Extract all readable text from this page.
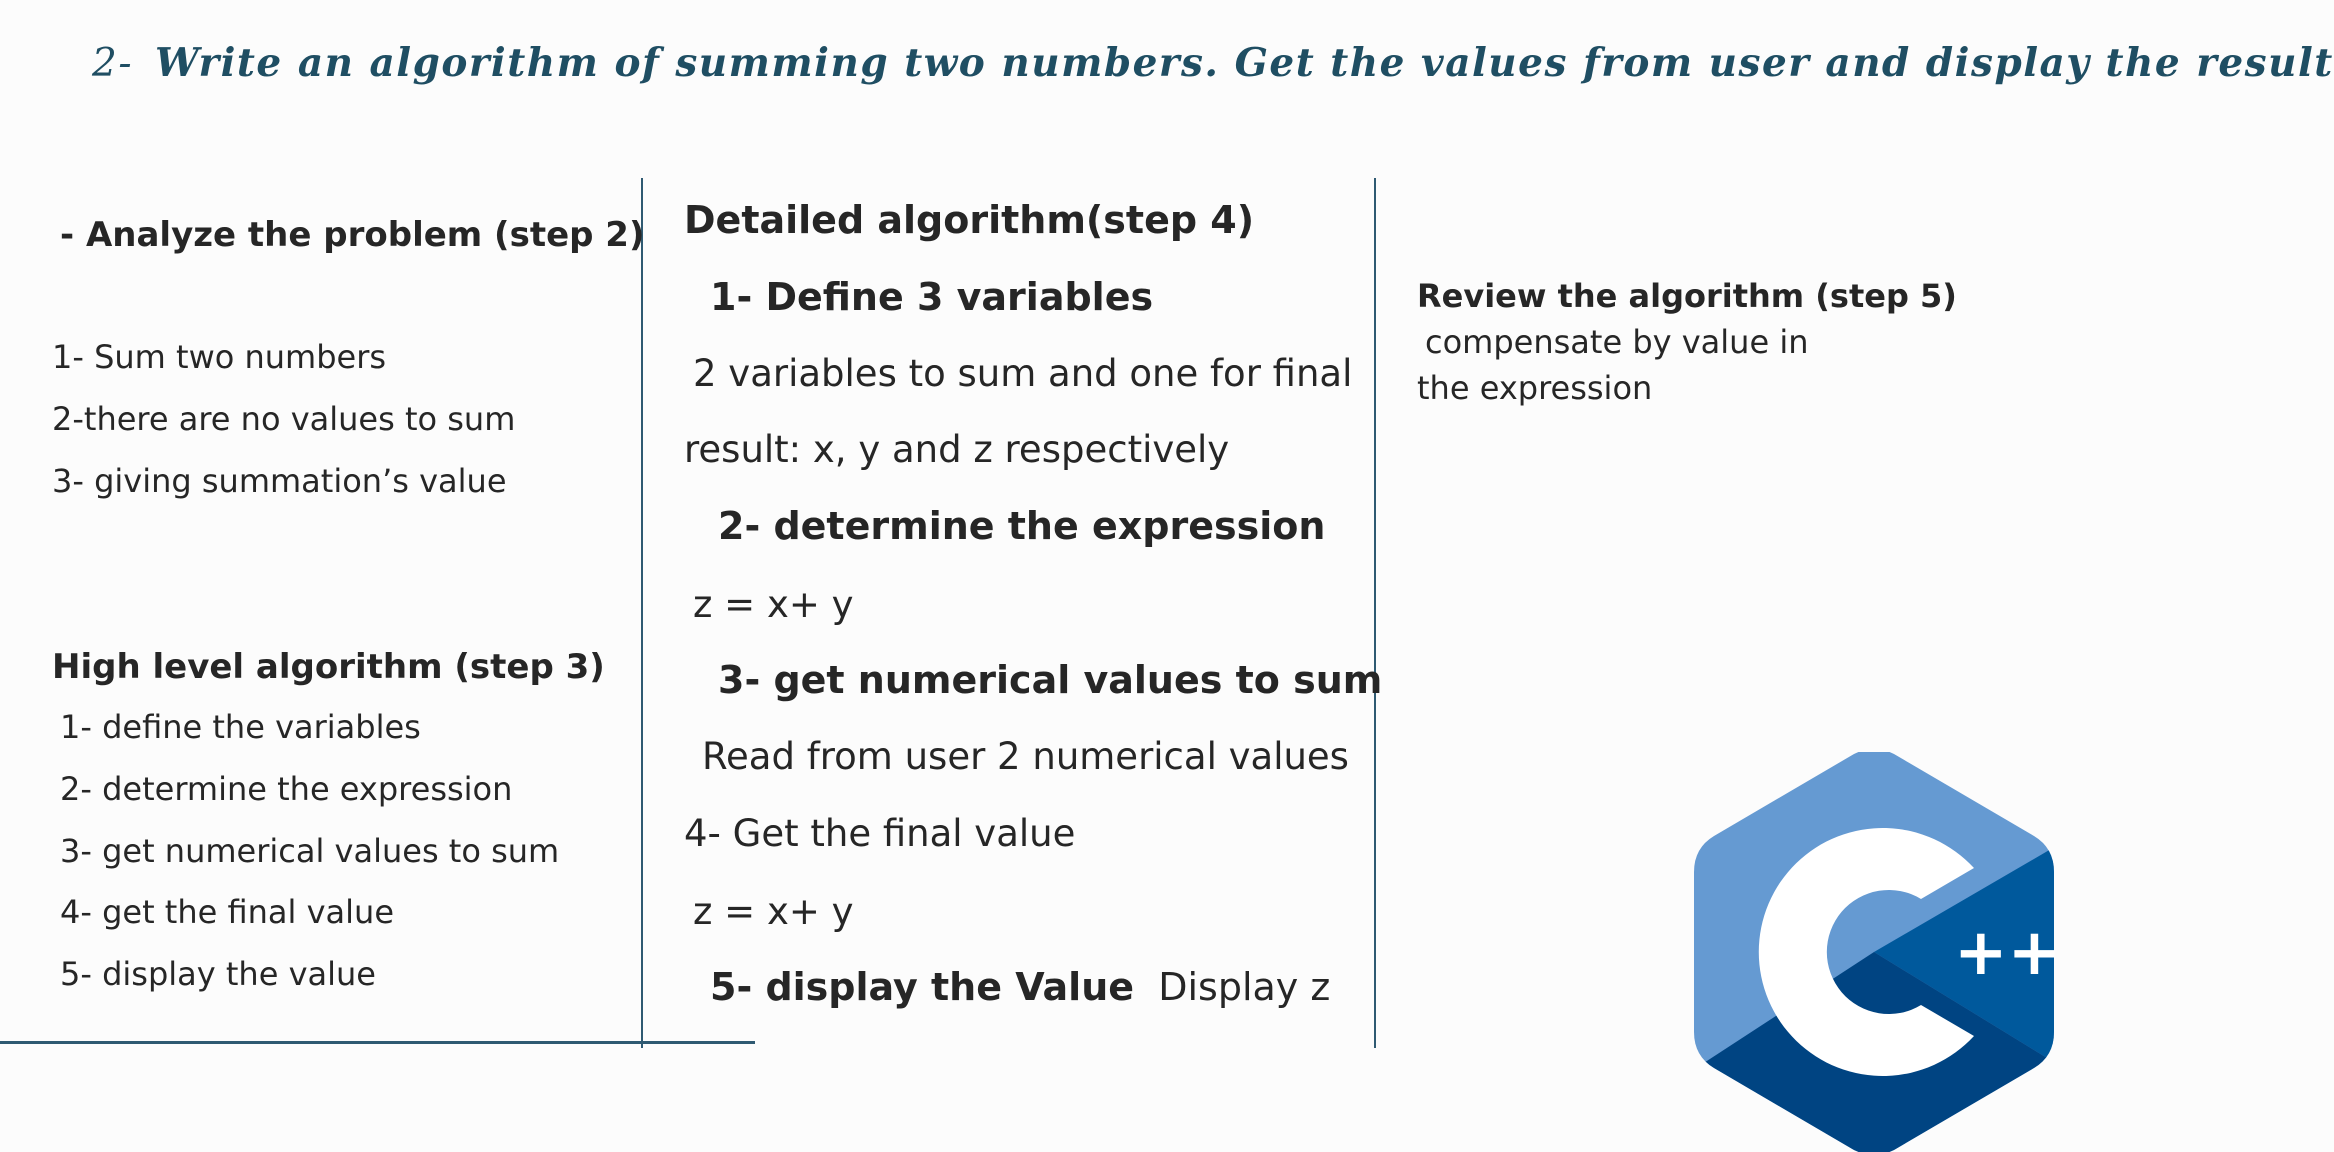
2- Write an algorithm of summing two numbers. Get the values from user and display the result
- Analyze the problem (step 2)
1- Sum two numbers
2-there are no values to sum
3- giving summation’s value
High level algorithm (step 3)
1- define the variables
2- determine the expression
3- get numerical values to sum
4- get the final value
5- display the value
Detailed algorithm(step 4)
1- Define 3 variables
2 variables to sum and one for final
result: x, y and z respectively
2- determine the expression
z = x+ y
3- get numerical values to sum
Read from user 2 numerical values
4- Get the final value
z = x+ y
5- display the Value Display z
Review the algorithm (step 5)
compensate by value in
the expression
++
